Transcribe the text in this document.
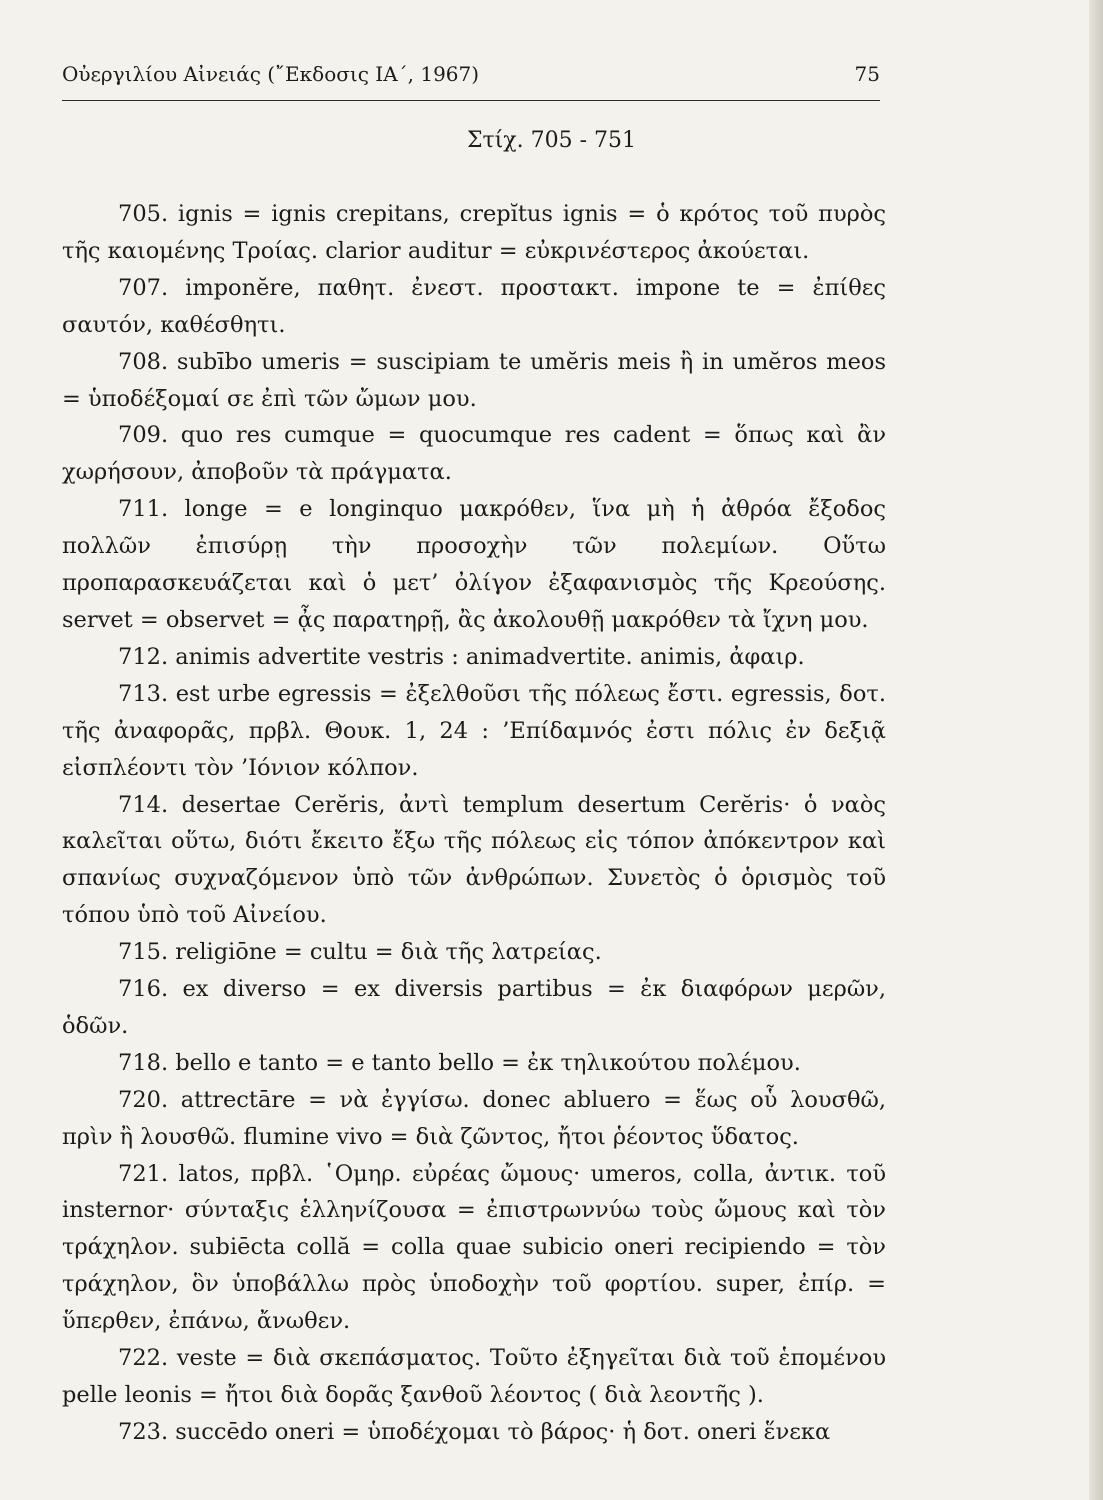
Οὐεργιλίου Αἰνειάς (῎Εκδοσις ΙΑ΄, 1967)	75
Στίχ. 705 - 751

705. ignis = ignis crepitans, crepĭtus ignis = ὁ κρότος τοῦ πυρὸς τῆς καιομένης Τροίας. clarior auditur = εὐκρινέστερος ἀκούεται.

707. imponĕre, παθητ. ἐνεστ. προστακτ. impone te = ἐπίθες σαυτόν, καθέσθητι.

708. subībo umeris = suscipiam te umĕris meis ἢ in umĕros meos = ὑποδέξομαί σε ἐπὶ τῶν ὤμων μου.

709. quo res cumque = quocumque res cadent = ὅπως καὶ ἂν χωρήσουν, ἀποβοῦν τὰ πράγματα.

711. longe = e longinquo μακρόθεν, ἵνα μὴ ἡ ἀθρόα ἔξοδος πολλῶν ἐπισύρῃ τὴν προσοχὴν τῶν πολεμίων. Οὕτω προπαρασκευάζεται καὶ ὁ μετ’ ὀλίγον ἐξαφανισμὸς τῆς Κρεούσης. servet = observet = ᾆς παρατηρῇ, ἂς ἀκολουθῇ μακρόθεν τὰ ἴχνη μου.

712. animis advertite vestris : animadvertite. animis, ἀφαιρ.

713. est urbe egressis = ἐξελθοῦσι τῆς πόλεως ἔστι. egressis, δοτ. τῆς ἀναφορᾶς, πρβλ. Θουκ. 1, 24 : ’Επίδαμνός ἐστι πόλις ἐν δεξιᾷ εἰσπλέοντι τὸν ’Ιόνιον κόλπον.

714. desertae Cerĕris, ἀντὶ templum desertum Cerĕris· ὁ ναὸς καλεῖται οὕτω, διότι ἔκειτο ἔξω τῆς πόλεως εἰς τόπον ἀπόκεντρον καὶ σπανίως συχναζόμενον ὑπὸ τῶν ἀνθρώπων. Συνετὸς ὁ ὁρισμὸς τοῦ τόπου ὑπὸ τοῦ Αἰνείου.

715. religiōne = cultu = διὰ τῆς λατρείας.

716. ex diverso = ex diversis partibus = ἐκ διαφόρων μερῶν, ὁδῶν.

718. bello e tanto = e tanto bello = ἐκ τηλικούτου πολέμου.

720. attrectāre = νὰ ἐγγίσω. donec abluero = ἕως οὗ λουσθῶ, πρὶν ἢ λουσθῶ. flumine vivo = διὰ ζῶντος, ἤτοι ῥέοντος ὕδατος.

721. latos, πρβλ. ῾Ομηρ. εὐρέας ὤμους· umeros, colla, ἀντικ. τοῦ insternor· σύνταξις ἑλληνίζουσα = ἐπιστρωννύω τοὺς ὤμους καὶ τὸν τράχηλον. subiēcta collă = colla quae subicio oneri recipiendo = τὸν τράχηλον, ὃν ὑποβάλλω πρὸς ὑποδοχὴν τοῦ φορτίου. super, ἐπίρ. = ὕπερθεν, ἐπάνω, ἄνωθεν.

722. veste = διὰ σκεπάσματος. Τοῦτο ἐξηγεῖται διὰ τοῦ ἑπομένου pelle leonis = ἤτοι διὰ δορᾶς ξανθοῦ λέοντος ( διὰ λεοντῆς ).

723. succēdo oneri = ὑποδέχομαι τὸ βάρος· ἡ δοτ. oneri ἕνεκα
